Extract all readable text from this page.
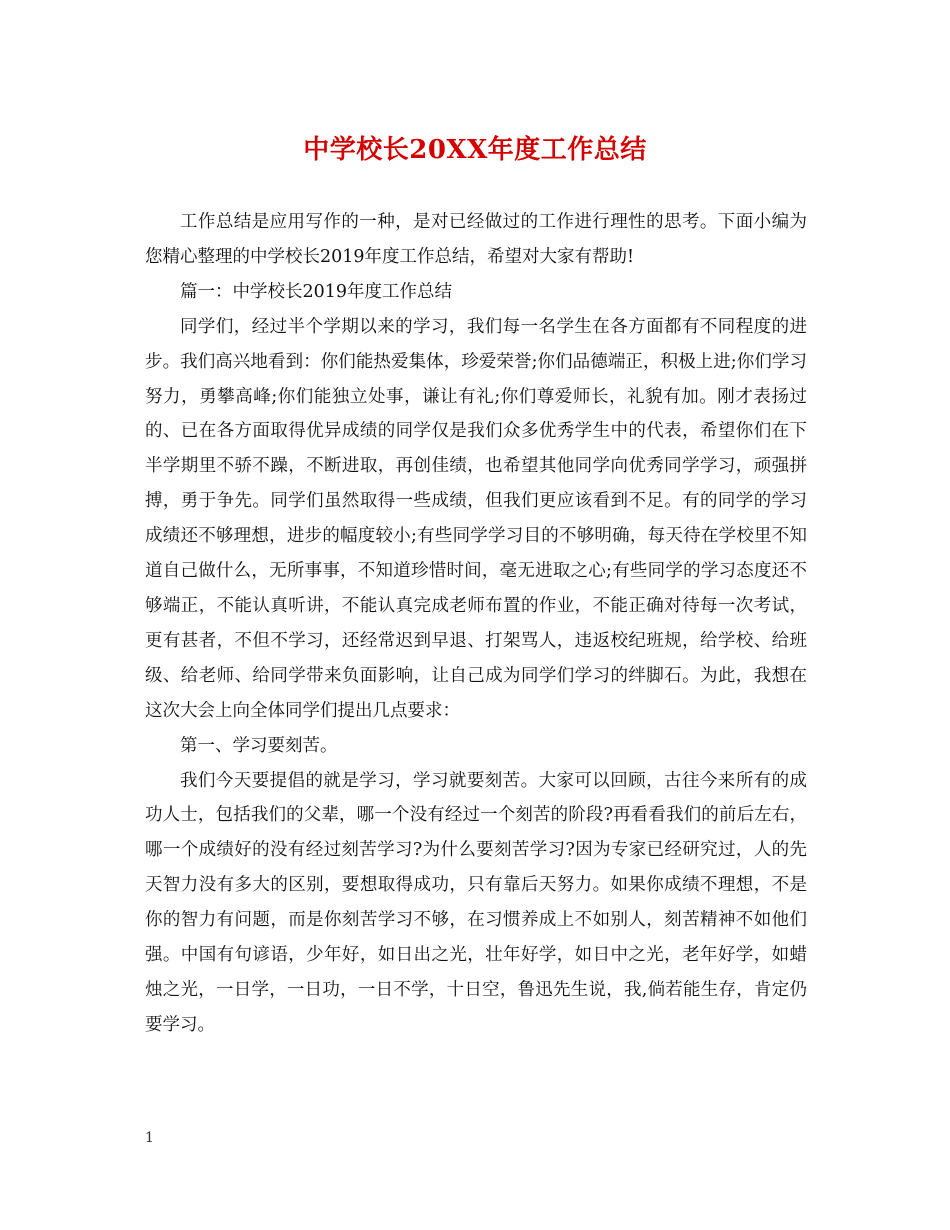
中学校长20XX年度工作总结

工作总结是应用写作的一种，是对已经做过的工作进行理性的思考。下面小编为您精心整理的中学校长2019年度工作总结，希望对大家有帮助!

篇一：中学校长2019年度工作总结

同学们，经过半个学期以来的学习，我们每一名学生在各方面都有不同程度的进步。我们高兴地看到：你们能热爱集体，珍爱荣誉;你们品德端正，积极上进;你们学习努力，勇攀高峰;你们能独立处事，谦让有礼;你们尊爱师长，礼貌有加。刚才表扬过的、已在各方面取得优异成绩的同学仅是我们众多优秀学生中的代表，希望你们在下半学期里不骄不躁，不断进取，再创佳绩，也希望其他同学向优秀同学学习，顽强拼搏，勇于争先。同学们虽然取得一些成绩，但我们更应该看到不足。有的同学的学习成绩还不够理想，进步的幅度较小;有些同学学习目的不够明确，每天待在学校里不知道自己做什么，无所事事，不知道珍惜时间，毫无进取之心;有些同学的学习态度还不够端正，不能认真听讲，不能认真完成老师布置的作业，不能正确对待每一次考试，更有甚者，不但不学习，还经常迟到早退、打架骂人，违返校纪班规，给学校、给班级、给老师、给同学带来负面影响，让自己成为同学们学习的绊脚石。为此，我想在这次大会上向全体同学们提出几点要求：

第一、学习要刻苦。

我们今天要提倡的就是学习，学习就要刻苦。大家可以回顾，古往今来所有的成功人士，包括我们的父辈，哪一个没有经过一个刻苦的阶段?再看看我们的前后左右，哪一个成绩好的没有经过刻苦学习?为什么要刻苦学习?因为专家已经研究过，人的先天智力没有多大的区别，要想取得成功，只有靠后天努力。如果你成绩不理想，不是你的智力有问题，而是你刻苦学习不够，在习惯养成上不如别人，刻苦精神不如他们强。中国有句谚语，少年好，如日出之光，壮年好学，如日中之光，老年好学，如蜡烛之光，一日学，一日功，一日不学，十日空，鲁迅先生说，我,倘若能生存，肯定仍要学习。

1
